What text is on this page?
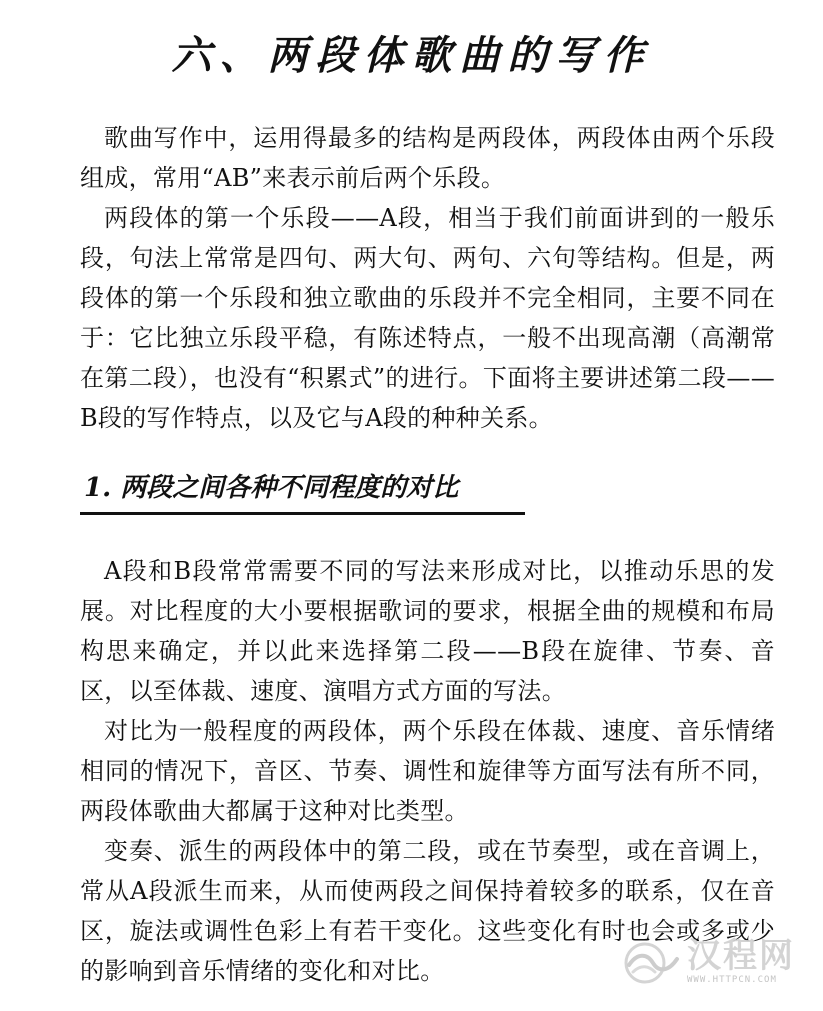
六、两段体歌曲的写作

歌曲写作中，运用得最多的结构是两段体，两段体由两个乐段组成，常用“AB”来表示前后两个乐段。

两段体的第一个乐段——A段，相当于我们前面讲到的一般乐段，句法上常常是四句、两大句、两句、六句等结构。但是，两段体的第一个乐段和独立歌曲的乐段并不完全相同，主要不同在于：它比独立乐段平稳，有陈述特点，一般不出现高潮（高潮常在第二段），也没有“积累式”的进行。下面将主要讲述第二段——B段的写作特点，以及它与A段的种种关系。

1. 两段之间各种不同程度的对比

A段和B段常常需要不同的写法来形成对比，以推动乐思的发展。对比程度的大小要根据歌词的要求，根据全曲的规模和布局构思来确定，并以此来选择第二段——B段在旋律、节奏、音区，以至体裁、速度、演唱方式方面的写法。

对比为一般程度的两段体，两个乐段在体裁、速度、音乐情绪相同的情况下，音区、节奏、调性和旋律等方面写法有所不同，两段体歌曲大都属于这种对比类型。

变奏、派生的两段体中的第二段，或在节奏型，或在音调上，常从A段派生而来，从而使两段之间保持着较多的联系，仅在音区，旋法或调性色彩上有若干变化。这些变化有时也会或多或少的影响到音乐情绪的变化和对比。	汉程网
WWW.HTTPCN.COM
